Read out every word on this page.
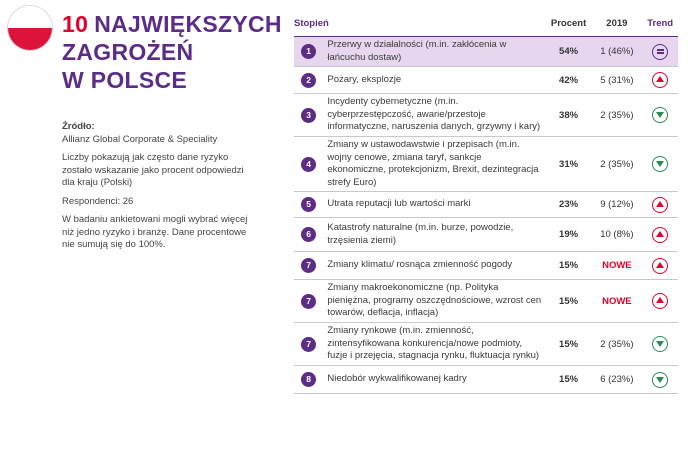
10 NAJWIĘKSZYCH
ZAGROŻEŃ
W POLSCE

Źródło:

Allianz Global Corporate & Speciality

Liczby pokazują jak często dane ryzyko zostało wskazanie jako procent odpowiedzi dla kraju (Polski)

Respondenci: 26

W badaniu ankietowani mogli wybrać więcej niż jedno ryzyko i branżę. Dane procentowe nie sumują się do 100%.

Stopień		Procent	2019	Trend
1	Przerwy w działalności (m.in. zakłócenia w łańcuchu dostaw)	54%	1 (46%)	
2	Pożary, eksplozje	42%	5 (31%)	
3	Incydenty cybernetyczne (m.in. cyberprzestępczość, awarie/przestoje informatyczne, naruszenia danych, grzywny i kary)	38%	2 (35%)	
4	Zmiany w ustawodawstwie i przepisach (m.in. wojny cenowe, zmiana taryf, sankcje ekonomiczne, protekcjonizm, Brexit, dezintegracja strefy Euro)	31%	2 (35%)	
5	Utrata reputacji lub wartości marki	23%	9 (12%)	
6	Katastrofy naturalne (m.in. burze, powodzie, trzęsienia ziemi)	19%	10 (8%)	
7	Zmiany klimatu/ rosnąca zmienność pogody	15%	NOWE	
7	Zmiany makroekonomiczne (np. Polityka pieniężna, programy oszczędnościowe, wzrost cen towarów, deflacja, inflacja)	15%	NOWE	
7	Zmiany rynkowe (m.in. zmienność, zintensyfikowana konkurencja/nowe podmioty, fuzje i przejęcia, stagnacja rynku, fluktuacja rynku)	15%	2 (35%)	
8	Niedobór wykwalifikowanej kadry	15%	6 (23%)	
